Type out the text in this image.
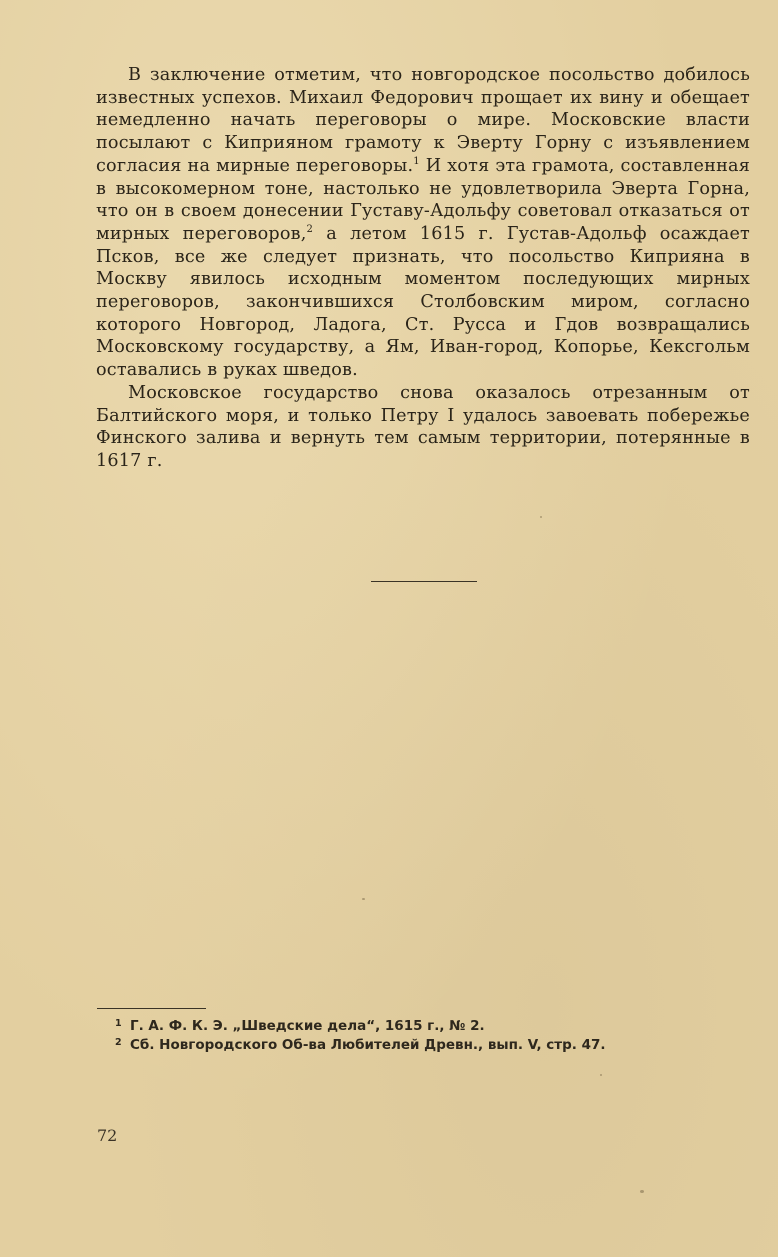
В заключение отметим, что новгородское посольство добилось известных успехов. Михаил Федорович прощает их вину и обещает немедленно начать переговоры о мире. Московские власти посылают с Киприяном грамоту к Эверту Горну с изъявлением согласия на мирные переговоры.$^1$ И хотя эта грамота, составленная в высокомерном тоне, настолько не удовлетворила Эверта Горна, что он в своем донесении Густаву-Адольфу советовал отказаться от мирных переговоров,$^2$ а летом 1615 г. Густав-Адольф осаждает Псков, все же следует признать, что посольство Киприяна в Москву явилось исходным моментом последующих мирных переговоров, закончившихся Столбовским миром, согласно которого Новгород, Ладога, Ст. Русса и Гдов возвращались Московскому государству, а Ям, Иван-город, Копорье, Кексгольм оставались в руках шведов.

Московское государство снова оказалось отрезанным от Балтийского моря, и только Петру I удалось завоевать побережье Финского залива и вернуть тем самым территории, потерянные в 1617 г.

1 Г. А. Ф. К. Э. „Шведские дела“, 1615 г., № 2.
2 Сб. Новгородского Об-ва Любителей Древн., вып. V, стр. 47.
72
